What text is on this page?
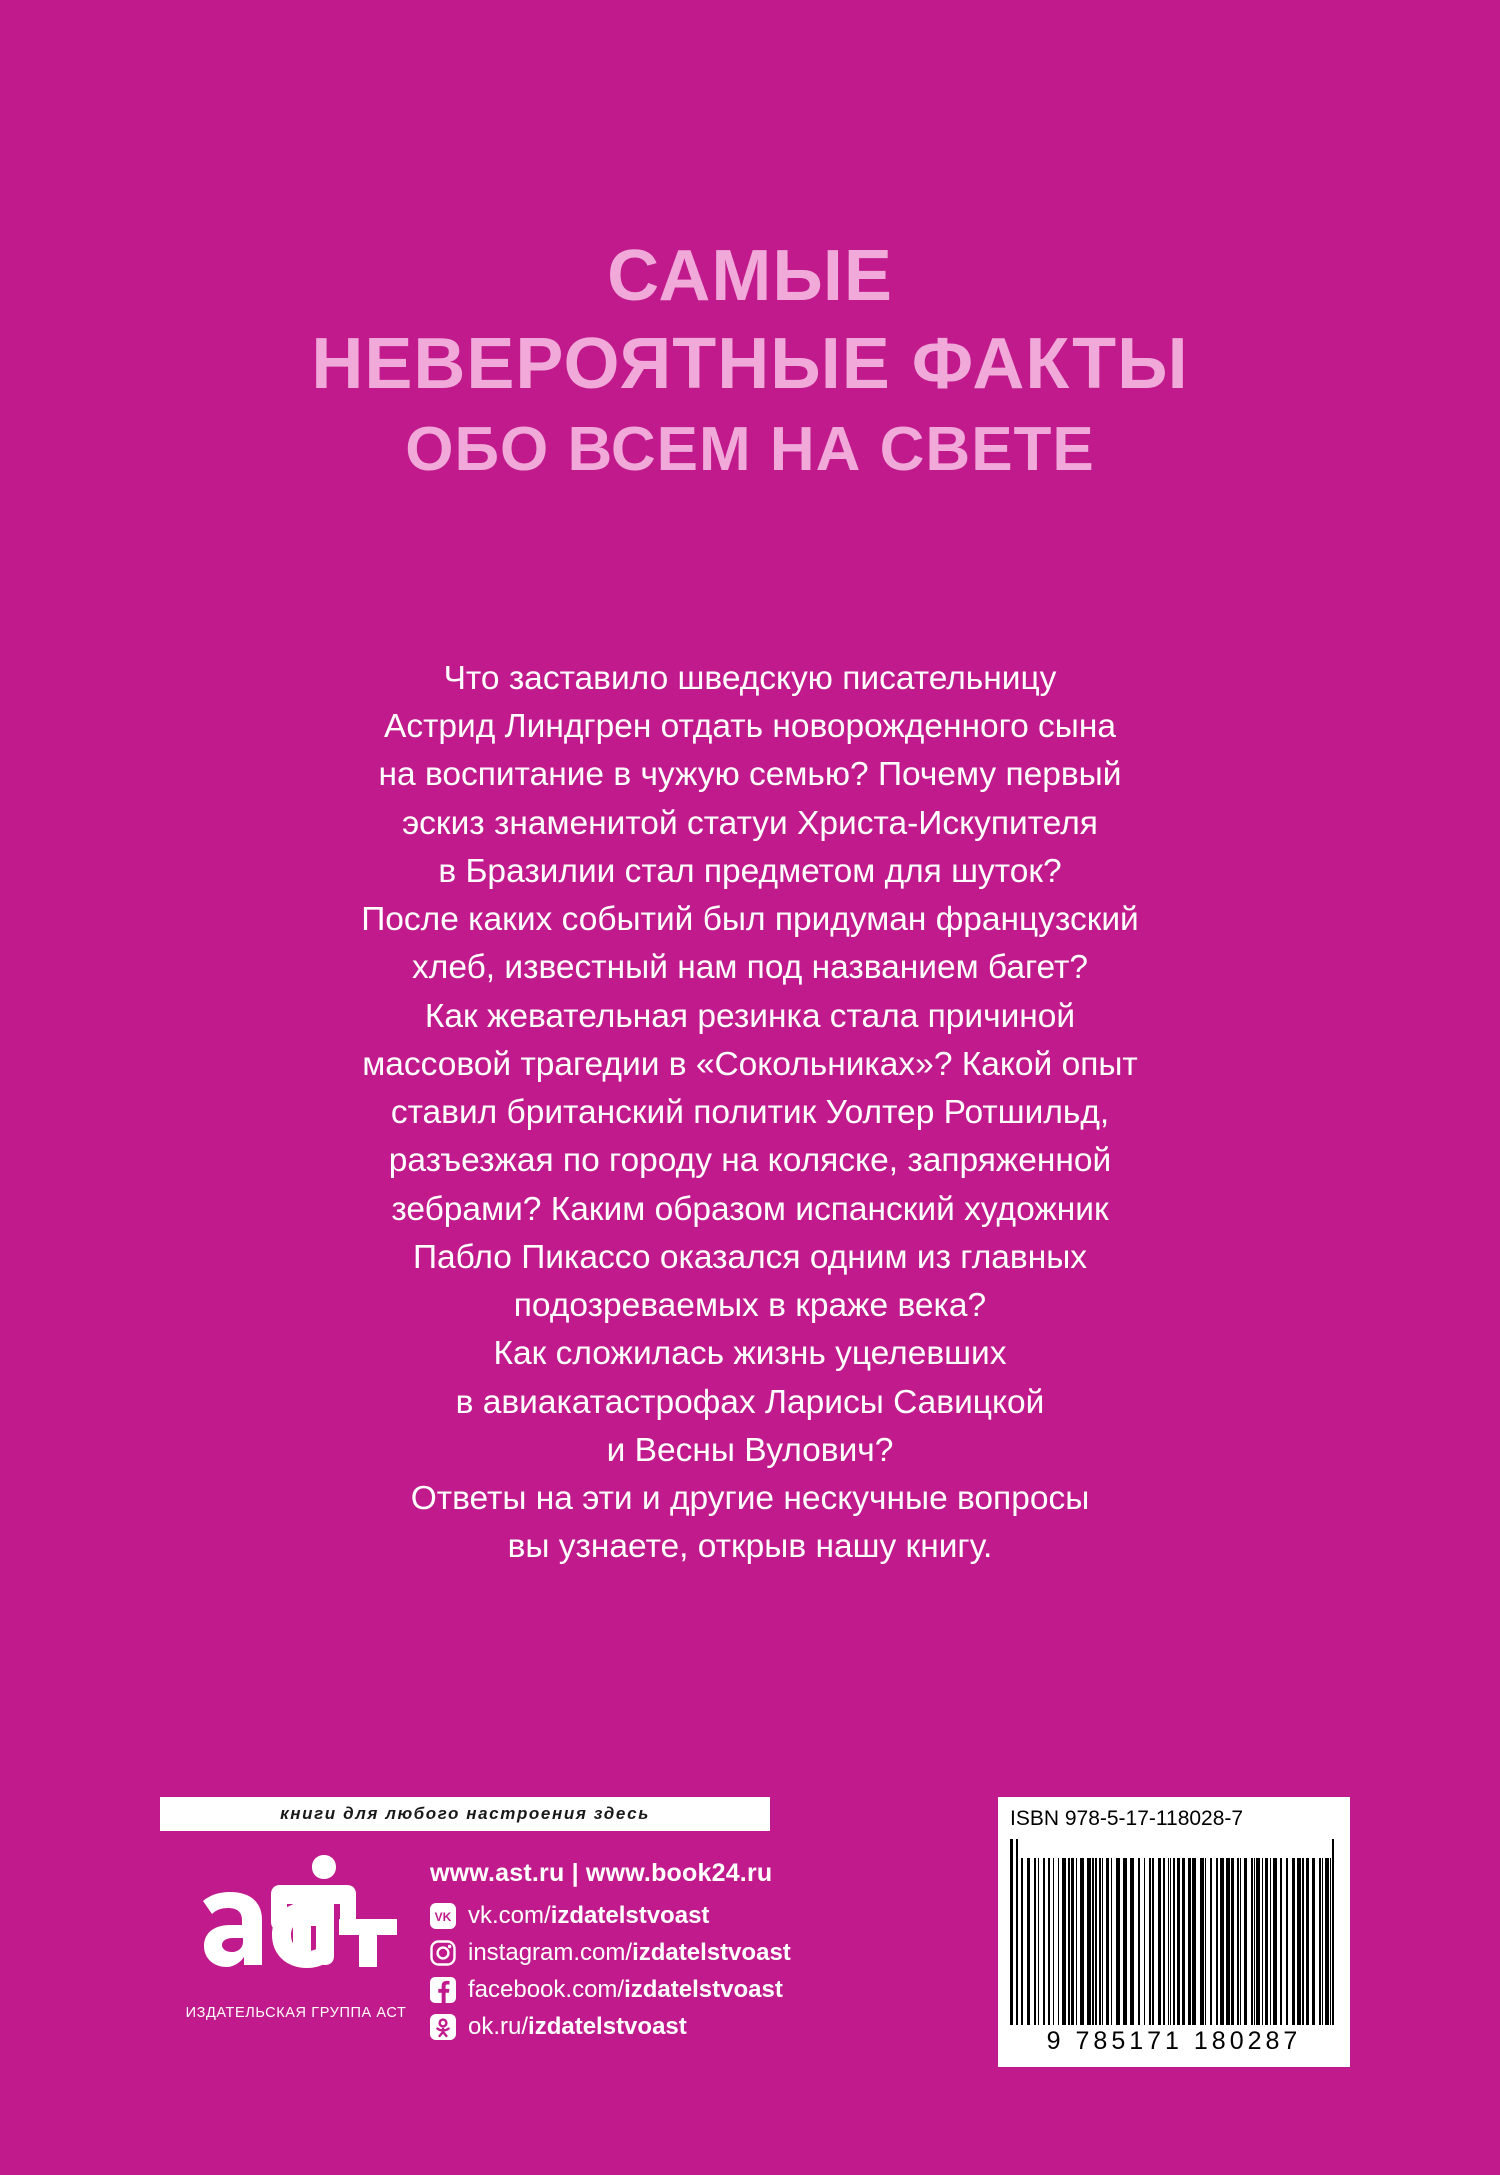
САМЫЕ
НЕВЕРОЯТНЫЕ ФАКТЫ
ОБО ВСЕМ НА СВЕТЕ

Что заставило шведскую писательницу

Астрид Линдгрен отдать новорожденного сына

на воспитание в чужую семью? Почему первый

эскиз знаменитой статуи Христа-Искупителя

в Бразилии стал предметом для шуток?

После каких событий был придуман французский

хлеб, известный нам под названием багет?

Как жевательная резинка стала причиной

массовой трагедии в «Сокольниках»? Какой опыт

ставил британский политик Уолтер Ротшильд,

разъезжая по городу на коляске, запряженной

зебрами? Каким образом испанский художник

Пабло Пикассо оказался одним из главных

подозреваемых в краже века?

Как сложилась жизнь уцелевших

в авиакатастрофах Ларисы Савицкой

и Весны Вулович?

Ответы на эти и другие нескучные вопросы

вы узнаете, открыв нашу книгу.

книги для любого настроения здесь
ИЗДАТЕЛЬСКАЯ ГРУППА АСТ
www.ast.ru | www.book24.ru
VK vk.com/izdatelstvoast
instagram.com/izdatelstvoast
facebook.com/izdatelstvoast
ok.ru/izdatelstvoast
ISBN 978-5-17-118028-7
9 785171 180287
